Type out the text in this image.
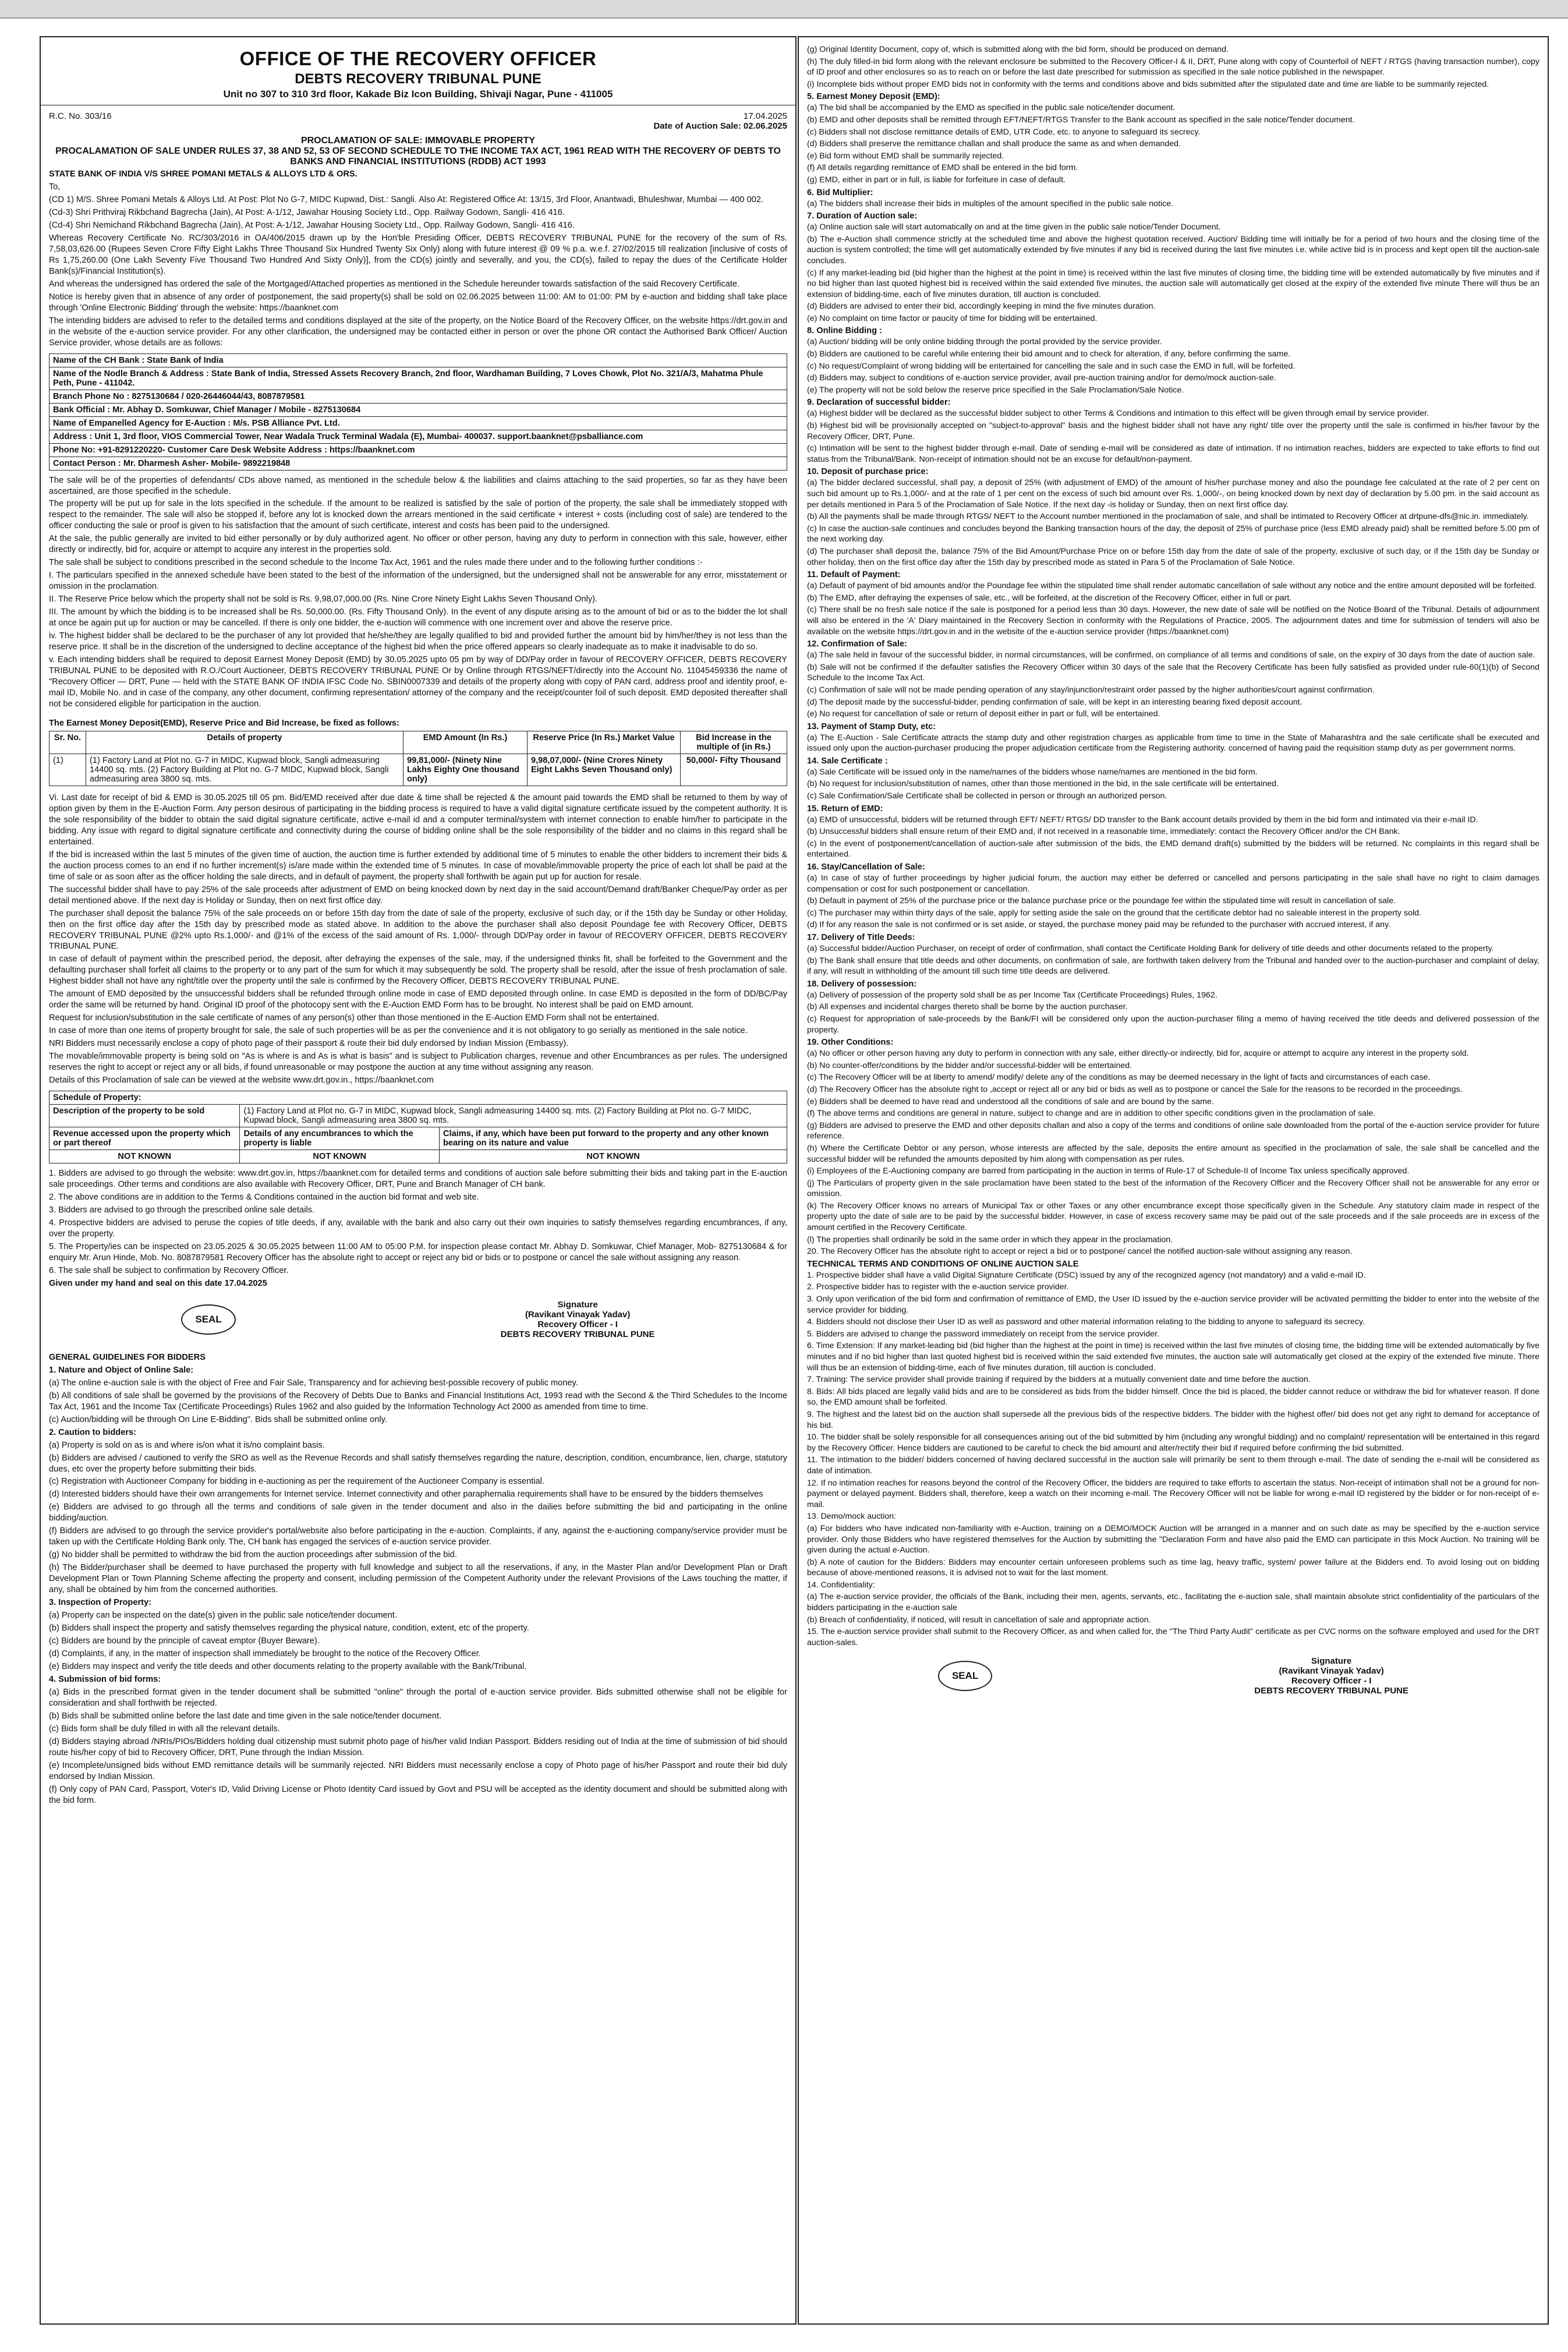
OFFICE OF THE RECOVERY OFFICER
DEBTS RECOVERY TRIBUNAL PUNE
Unit no 307 to 310 3rd floor, Kakade Biz Icon Building, Shivaji Nagar, Pune - 411005
R.C. No. 303/16	17.04.2025
Date of Auction Sale: 02.06.2025
PROCLAMATION OF SALE: IMMOVABLE PROPERTY
PROCALAMATION OF SALE UNDER RULES 37, 38 AND 52, 53 OF SECOND SCHEDULE TO THE INCOME TAX ACT, 1961 READ WITH THE RECOVERY OF DEBTS TO BANKS AND FINANCIAL INSTITUTIONS (RDDB) ACT 1993

STATE BANK OF INDIA V/S SHREE POMANI METALS & ALLOYS LTD & ORS.

To,

(CD 1) M/S. Shree Pomani Metals & Alloys Ltd. At Post: Plot No G-7, MIDC Kupwad, Dist.: Sangli. Also At: Registered Office At: 13/15, 3rd Floor, Anantwadi, Bhuleshwar, Mumbai — 400 002.

(Cd-3) Shri Prithviraj Rikbchand Bagrecha (Jain), At Post: A-1/12, Jawahar Housing Society Ltd., Opp. Railway Godown, Sangli- 416 416.

(Cd-4) Shri Nemichand Rikbchand Bagrecha (Jain), At Post: A-1/12, Jawahar Housing Society Ltd., Opp. Railway Godown, Sangli- 416 416.

Whereas Recovery Certificate No. RC/303/2016 in OA/406/2015 drawn up by the Hon'ble Presiding Officer, DEBTS RECOVERY TRIBUNAL PUNE for the recovery of the sum of Rs. 7,58,03,626.00 (Rupees Seven Crore Fifty Eight Lakhs Three Thousand Six Hundred Twenty Six Only) along with future interest @ 09 % p.a. w.e.f. 27/02/2015 till realization [inclusive of costs of Rs 1,75,260.00 (One Lakh Seventy Five Thousand Two Hundred And Sixty Only)], from the CD(s) jointly and severally, and you, the CD(s), failed to repay the dues of the Certificate Holder Bank(s)/Financial Institution(s).

And whereas the undersigned has ordered the sale of the Mortgaged/Attached properties as mentioned in the Schedule hereunder towards satisfaction of the said Recovery Certificate.

Notice is hereby given that in absence of any order of postponement, the said property(s) shall be sold on 02.06.2025 between 11:00: AM to 01:00: PM by e-auction and bidding shall take place through 'Online Electronic Bidding' through the website: https://baanknet.com

The intending bidders are advised to refer to the detailed terms and conditions displayed at the site of the property, on the Notice Board of the Recovery Officer, on the website https://drt.gov.in and in the website of the e-auction service provider. For any other clarification, the undersigned may be contacted either in person or over the phone OR contact the Authorised Bank Officer/ Auction Service provider, whose details are as follows:

Name of the CH Bank : State Bank of India
Name of the Nodle Branch & Address : State Bank of India, Stressed Assets Recovery Branch, 2nd floor, Wardhaman Building, 7 Loves Chowk, Plot No. 321/A/3, Mahatma Phule Peth, Pune - 411042.
Branch Phone No : 8275130684 / 020-26446044/43, 8087879581
Bank Official : Mr. Abhay D. Somkuwar, Chief Manager / Mobile - 8275130684
Name of Empanelled Agency for E-Auction : M/s. PSB Alliance Pvt. Ltd.
Address : Unit 1, 3rd floor, VIOS Commercial Tower, Near Wadala Truck Terminal Wadala (E), Mumbai- 400037. support.baanknet@psballiance.com
Phone No: +91-8291220220- Customer Care Desk Website Address : https://baanknet.com
Contact Person : Mr. Dharmesh Asher- Mobile- 9892219848

The sale will be of the properties of defendants/ CDs above named, as mentioned in the schedule below & the liabilities and claims attaching to the said properties, so far as they have been ascertained, are those specified in the schedule.

The property will be put up for sale in the lots specified in the schedule. If the amount to be realized is satisfied by the sale of portion of the property, the sale shall be immediately stopped with respect to the remainder. The sale will also be stopped if, before any lot is knocked down the arrears mentioned in the said certificate + interest + costs (including cost of sale) are tendered to the officer conducting the sale or proof is given to his satisfaction that the amount of such certificate, interest and costs has been paid to the undersigned.

At the sale, the public generally are invited to bid either personally or by duly authorized agent. No officer or other person, having any duty to perform in connection with this sale, however, either directly or indirectly, bid for, acquire or attempt to acquire any interest in the properties sold.

The sale shall be subject to conditions prescribed in the second schedule to the Income Tax Act, 1961 and the rules made there under and to the following further conditions :-

I. The particulars specified in the annexed schedule have been stated to the best of the information of the undersigned, but the undersigned shall not be answerable for any error, misstatement or omission in the proclamation.

II. The Reserve Price below which the property shall not be sold is Rs. 9,98,07,000.00 (Rs. Nine Crore Ninety Eight Lakhs Seven Thousand Only).

III. The amount by which the bidding is to be increased shall be Rs. 50,000.00. (Rs. Fifty Thousand Only). In the event of any dispute arising as to the amount of bid or as to the bidder the lot shall at once be again put up for auction or may be cancelled. If there is only one bidder, the e-auction will commence with one increment over and above the reserve price.

iv. The highest bidder shall be declared to be the purchaser of any lot provided that he/she/they are legally qualified to bid and provided further the amount bid by him/her/they is not less than the reserve price. It shall be in the discretion of the undersigned to decline acceptance of the highest bid when the price offered appears so clearly inadequate as to make it inadvisable to do so.

v. Each intending bidders shall be required to deposit Earnest Money Deposit (EMD) by 30.05.2025 upto 05 pm by way of DD/Pay order in favour of RECOVERY OFFICER, DEBTS RECOVERY TRIBUNAL PUNE to be deposited with R.O./Court Auctioneer, DEBTS RECOVERY TRIBUNAL PUNE Or by Online through RTGS/NEFT/directly into the Account No. 11045459336 the name of "Recovery Officer — DRT, Pune — held with the STATE BANK OF INDIA IFSC Code No. SBIN0007339 and details of the property along with copy of PAN card, address proof and identity proof, e-mail ID, Mobile No. and in case of the company, any other document, confirming representation/ attorney of the company and the receipt/counter foil of such deposit. EMD deposited thereafter shall not be considered eligible for participation in the auction.

The Earnest Money Deposit(EMD), Reserve Price and Bid Increase, be fixed as follows:

Sr. No.	Details of property	EMD Amount (In Rs.)	Reserve Price (In Rs.) Market Value	Bid Increase in the multiple of (in Rs.)
(1)	(1) Factory Land at Plot no. G-7 in MIDC, Kupwad block, Sangli admeasuring 14400 sq. mts. (2) Factory Building at Plot no. G-7 MIDC, Kupwad block, Sangli admeasuring area 3800 sq. mts.	99,81,000/- (Ninety Nine Lakhs Eighty One thousand only)	9,98,07,000/- (Nine Crores Ninety Eight Lakhs Seven Thousand only)	50,000/- Fifty Thousand

Vi. Last date for receipt of bid & EMD is 30.05.2025 till 05 pm. Bid/EMD received after due date & time shall be rejected & the amount paid towards the EMD shall be returned to them by way of option given by them in the E-Auction Form. Any person desirous of participating in the bidding process is required to have a valid digital signature certificate issued by the competent authority. It is the sole responsibility of the bidder to obtain the said digital signature certificate, active e-mail id and a computer terminal/system with internet connection to enable him/her to participate in the bidding. Any issue with regard to digital signature certificate and connectivity during the course of bidding online shall be the sole responsibility of the bidder and no claims in this regard shall be entertained.

If the bid is increased within the last 5 minutes of the given time of auction, the auction time is further extended by additional time of 5 minutes to enable the other bidders to increment their bids & the auction process comes to an end if no further increment(s) is/are made within the extended time of 5 minutes. In case of movable/immovable property the price of each lot shall be paid at the time of sale or as soon after as the officer holding the sale directs, and in default of payment, the property shall forthwith be again put up for auction for resale.

The successful bidder shall have to pay 25% of the sale proceeds after adjustment of EMD on being knocked down by next day in the said account/Demand draft/Banker Cheque/Pay order as per detail mentioned above. If the next day is Holiday or Sunday, then on next first office day.

The purchaser shall deposit the balance 75% of the sale proceeds on or before 15th day from the date of sale of the property, exclusive of such day, or if the 15th day be Sunday or other Holiday, then on the first office day after the 15th day by prescribed mode as stated above. In addition to the above the purchaser shall also deposit Poundage fee with Recovery Officer, DEBTS RECOVERY TRIBUNAL PUNE @2% upto Rs.1,000/- and @1% of the excess of the said amount of Rs. 1,000/- through DD/Pay order in favour of RECOVERY OFFICER, DEBTS RECOVERY TRIBUNAL PUNE.

In case of default of payment within the prescribed period, the deposit, after defraying the expenses of the sale, may, if the undersigned thinks fit, shall be forfeited to the Government and the defaulting purchaser shall forfeit all claims to the property or to any part of the sum for which it may subsequently be sold. The property shall be resold, after the issue of fresh proclamation of sale. Highest bidder shall not have any right/title over the property until the sale is confirmed by the Recovery Officer, DEBTS RECOVERY TRIBUNAL PUNE.

The amount of EMD deposited by the unsuccessful bidders shall be refunded through online mode in case of EMD deposited through online. In case EMD is deposited in the form of DD/BC/Pay order the same will be returned by hand. Original ID proof of the photocopy sent with the E-Auction EMD Form has to be brought. No interest shall be paid on EMD amount.

Request for inclusion/substitution in the sale certificate of names of any person(s) other than those mentioned in the E-Auction EMD Form shall not be entertained.

In case of more than one items of property brought for sale, the sale of such properties will be as per the convenience and it is not obligatory to go serially as mentioned in the sale notice.

NRI Bidders must necessarily enclose a copy of photo page of their passport & route their bid duly endorsed by Indian Mission (Embassy).

The movable/immovable property is being sold on "As is where is and As is what is basis" and is subject to Publication charges, revenue and other Encumbrances as per rules. The undersigned reserves the right to accept or reject any or all bids, if found unreasonable or may postpone the auction at any time without assigning any reason.

Details of this Proclamation of sale can be viewed at the website www.drt.gov.in., https://baanknet.com

Schedule of Property:		
Description of the property to be sold	(1) Factory Land at Plot no. G-7 in MIDC, Kupwad block, Sangli admeasuring 14400 sq. mts. (2) Factory Building at Plot no. G-7 MIDC, Kupwad block, Sangli admeasuring area 3800 sq. mts.	
Revenue accessed upon the property which or part thereof	Details of any encumbrances to which the property is liable	Claims, if any, which have been put forward to the property and any other known bearing on its nature and value
NOT KNOWN	NOT KNOWN	NOT KNOWN

1. Bidders are advised to go through the website: www.drt.gov.in, https://baanknet.com for detailed terms and conditions of auction sale before submitting their bids and taking part in the E-auction sale proceedings. Other terms and conditions are also available with Recovery Officer, DRT, Pune and Branch Manager of CH bank.

2. The above conditions are in addition to the Terms & Conditions contained in the auction bid format and web site.

3. Bidders are advised to go through the prescribed online sale details.

4. Prospective bidders are advised to peruse the copies of title deeds, if any, available with the bank and also carry out their own inquiries to satisfy themselves regarding encumbrances, if any, over the property.

5. The Property/ies can be inspected on 23.05.2025 & 30.05.2025 between 11:00 AM to 05:00 P.M. for inspection please contact Mr. Abhay D. Somkuwar, Chief Manager, Mob- 8275130684 & for enquiry Mr. Arun Hinde, Mob. No. 8087879581 Recovery Officer has the absolute right to accept or reject any bid or bids or to postpone or cancel the sale without assigning any reason.

6. The sale shall be subject to confirmation by Recovery Officer.

Given under my hand and seal on this date 17.04.2025

SEAL
Signature
(Ravikant Vinayak Yadav)
Recovery Officer - I
DEBTS RECOVERY TRIBUNAL PUNE

GENERAL GUIDELINES FOR BIDDERS

1. Nature and Object of Online Sale:

(a) The online e-auction sale is with the object of Free and Fair Sale, Transparency and for achieving best-possible recovery of public money.

(b) All conditions of sale shall be governed by the provisions of the Recovery of Debts Due to Banks and Financial Institutions Act, 1993 read with the Second & the Third Schedules to the Income Tax Act, 1961 and the Income Tax (Certificate Proceedings) Rules 1962 and also guided by the Information Technology Act 2000 as amended from time to time.

(c) Auction/bidding will be through On Line E-Bidding". Bids shall be submitted online only.

2. Caution to bidders:

(a) Property is sold on as is and where is/on what it is/no complaint basis.

(b) Bidders are advised / cautioned to verify the SRO as well as the Revenue Records and shall satisfy themselves regarding the nature, description, condition, encumbrance, lien, charge, statutory dues, etc over the property before submitting their bids.

(c) Registration with Auctioneer Company for bidding in e-auctioning as per the requirement of the Auctioneer Company is essential.

(d) Interested bidders should have their own arrangements for Internet service. Internet connectivity and other paraphernalia requirements shall have to be ensured by the bidders themselves

(e) Bidders are advised to go through all the terms and conditions of sale given in the tender document and also in the dailies before submitting the bid and participating in the online bidding/auction.

(f) Bidders are advised to go through the service provider's portal/website also before participating in the e-auction. Complaints, if any, against the e-auctioning company/service provider must be taken up with the Certificate Holding Bank only. The, CH bank has engaged the services of e-auction service provider.

(g) No bidder shall be permitted to withdraw the bid from the auction proceedings after submission of the bid.

(h) The Bidder/purchaser shall be deemed to have purchased the property with full knowledge and subject to all the reservations, if any, in the Master Plan and/or Development Plan or Draft Development Plan or Town Planning Scheme affecting the property and consent, including permission of the Competent Authority under the relevant Provisions of the Laws touching the matter, if any, shall be obtained by him from the concerned authorities.

3. Inspection of Property:

(a) Property can be inspected on the date(s) given in the public sale notice/tender document.

(b) Bidders shall inspect the property and satisfy themselves regarding the physical nature, condition, extent, etc of the property.

(c) Bidders are bound by the principle of caveat emptor (Buyer Beware).

(d) Complaints, if any, in the matter of inspection shall immediately be brought to the notice of the Recovery Officer.

(e) Bidders may inspect and verify the title deeds and other documents relating to the property available with the Bank/Tribunal.

4. Submission of bid forms:

(a) Bids in the prescribed format given in the tender document shall be submitted "online" through the portal of e-auction service provider. Bids submitted otherwise shall not be eligible for consideration and shall forthwith be rejected.

(b) Bids shall be submitted online before the last date and time given in the sale notice/tender document.

(c) Bids form shall be duly filled in with all the relevant details.

(d) Bidders staying abroad /NRIs/PIOs/Bidders holding dual citizenship must submit photo page of his/her valid Indian Passport. Bidders residing out of India at the time of submission of bid should route his/her copy of bid to Recovery Officer, DRT, Pune through the Indian Mission.

(e) Incomplete/unsigned bids without EMD remittance details will be summarily rejected. NRI Bidders must necessarily enclose a copy of Photo page of his/her Passport and route their bid duly endorsed by Indian Mission.

(f) Only copy of PAN Card, Passport, Voter's ID, Valid Driving License or Photo Identity Card issued by Govt and PSU will be accepted as the identity document and should be submitted along with the bid form.

(g) Original Identity Document, copy of, which is submitted along with the bid form, should be produced on demand.
(h) The duly filled-in bid form along with the relevant enclosure be submitted to the Recovery Officer-I & II, DRT, Pune along with copy of Counterfoil of NEFT / RTGS (having transaction number), copy of ID proof and other enclosures so as to reach on or before the last date prescribed for submission as specified in the sale notice published in the newspaper.
(i) Incomplete bids without proper EMD bids not in conformity with the terms and conditions above and bids submitted after the stipulated date and time are liable to be summarily rejected.
5. Earnest Money Deposit (EMD):
(a) The bid shall be accompanied by the EMD as specified in the public sale notice/tender document.
(b) EMD and other deposits shall be remitted through EFT/NEFT/RTGS Transfer to the Bank account as specified in the sale notice/Tender document.
(c) Bidders shall not disclose remittance details of EMD, UTR Code, etc. to anyone to safeguard its secrecy.
(d) Bidders shall preserve the remittance challan and shall produce the same as and when demanded.
(e) Bid form without EMD shall be summarily rejected.
(f) All details regarding remittance of EMD shall be entered in the bid form.
(g) EMD, either in part or in full, is liable for forfeiture in case of default.
6. Bid Multiplier:
(a) The bidders shall increase their bids in multiples of the amount specified in the public sale notice.
7. Duration of Auction sale:
(a) Online auction sale will start automatically on and at the time given in the public sale notice/Tender Document.
(b) The e-Auction shall commence strictly at the scheduled time and above the highest quotation received. Auction/ Bidding time will initially be for a period of two hours and the closing time of the auction is system controlled; the time will get automatically extended by five minutes if any bid is received during the last five minutes i.e. while active bid is in process and kept open till the auction-sale concludes.
(c) If any market-leading bid (bid higher than the highest at the point in time) is received within the last five minutes of closing time, the bidding time will be extended automatically by five minutes and if no bid higher than last quoted highest bid is received within the said extended five minutes, the auction sale will automatically get closed at the expiry of the extended five minute There will thus be an extension of bidding-time, each of five minutes duration, till auction is concluded.
(d) Bidders are advised to enter their bid, accordingly keeping in mind the five minutes duration.
(e) No complaint on time factor or paucity of time for bidding will be entertained.
8. Online Bidding :
(a) Auction/ bidding will be only online bidding through the portal provided by the service provider.
(b) Bidders are cautioned to be careful while entering their bid amount and to check for alteration, if any, before confirming the same.
(c) No request/Complaint of wrong bidding will be entertained for cancelling the sale and in such case the EMD in full, will be forfeited.
(d) Bidders may, subject to conditions of e-auction service provider, avail pre-auction training and/or for demo/mock auction-sale.
(e) The property will not be sold below the reserve price specified in the Sale Proclamation/Sale Notice.
9. Declaration of successful bidder:
(a) Highest bidder will be declared as the successful bidder subject to other Terms & Conditions and intimation to this effect will be given through email by service provider.
(b) Highest bid will be provisionally accepted on "subject-to-approval" basis and the highest bidder shall not have any right/ title over the property until the sale is confirmed in his/her favour by the Recovery Officer, DRT, Pune.
(c) Intimation will be sent to the highest bidder through e-mail. Date of sending e-mail will be considered as date of intimation. If no intimation reaches, bidders are expected to take efforts to find out status from the Tribunal/Bank. Non-receipt of intimation should not be an excuse for default/non-payment.
10. Deposit of purchase price:
(a) The bidder declared successful, shall pay, a deposit of 25% (with adjustment of EMD) of the amount of his/her purchase money and also the poundage fee calculated at the rate of 2 per cent on such bid amount up to Rs.1,000/- and at the rate of 1 per cent on the excess of such bid amount over Rs. 1,000/-, on being knocked down by next day of declaration by 5.00 pm. in the said account as per details mentioned in Para 5 of the Proclamation of Sale Notice. If the next day -is holiday or Sunday, then on next first office day.
(b) All the payments shall be made through RTGS/ NEFT to the Account number mentioned in the proclamation of sale, and shall be intimated to Recovery Officer at drtpune-dfs@nic.in. immediately.
(c) In case the auction-sale continues and concludes beyond the Banking transaction hours of the day, the deposit of 25% of purchase price (less EMD already paid) shall be remitted before 5.00 pm of the next working day.
(d) The purchaser shall deposit the, balance 75% of the Bid Amount/Purchase Price on or before 15th day from the date of sale of the property, exclusive of such day, or if the 15th day be Sunday or other holiday, then on the first office day after the 15th day by prescribed mode as stated in Para 5 of the Proclamation of Sale Notice.
11. Default of Payment:
(a) Default of payment of bid amounts and/or the Poundage fee within the stipulated time shall render automatic cancellation of sale without any notice and the entire amount deposited will be forfeited.
(b) The EMD, after defraying the expenses of sale, etc., will be forfeited, at the discretion of the Recovery Officer, either in full or part.
(c) There shall be no fresh sale notice if the sale is postponed for a period less than 30 days. However, the new date of sale will be notified on the Notice Board of the Tribunal. Details of adjournment will also be entered in the 'A' Diary maintained in the Recovery Section in conformity with the Regulations of Practice, 2005. The adjournment dates and time for submission of tenders will also be available on the website https://drt.gov.in and in the website of the e-auction service provider (https://baanknet.com)
12. Confirmation of Sale:
(a) The sale held in favour of the successful bidder, in normal circumstances, will be confirmed, on compliance of all terms and conditions of sale, on the expiry of 30 days from the date of auction sale.
(b) Sale will not be confirmed if the defaulter satisfies the Recovery Officer within 30 days of the sale that the Recovery Certificate has been fully satisfied as provided under rule-60(1)(b) of Second Schedule to the Income Tax Act.
(c) Confirmation of sale will not be made pending operation of any stay/injunction/restraint order passed by the higher authorities/court against confirmation.
(d) The deposit made by the successful-bidder, pending confirmation of sale, will be kept in an interesting bearing fixed deposit account.
(e) No request for cancellation of sale or return of deposit either in part or full, will be entertained.
13. Payment of Stamp Duty, etc:
(a) The E-Auction - Sale Certificate attracts the stamp duty and other registration charges as applicable from time to time in the State of Maharashtra and the sale certificate shall be executed and issued only upon the auction-purchaser producing the proper adjudication certificate from the Registering authority. concerned of having paid the requisition stamp duty as per government norms.
14. Sale Certificate :
(a) Sale Certificate will be issued only in the name/names of the bidders whose name/names are mentioned in the bid form.
(b) No request for inclusion/substitution of names, other than those mentioned in the bid, in the sale certificate will be entertained.
(c) Sale Confirmation/Sale Certificate shall be collected in person or through an authorized person.
15. Return of EMD:
(a) EMD of unsuccessful, bidders will be returned through EFT/ NEFT/ RTGS/ DD transfer to the Bank account details provided by them in the bid form and intimated via their e-mail ID.
(b) Unsuccessful bidders shall ensure return of their EMD and, if not received in a reasonable time, immediately: contact the Recovery Officer and/or the CH Bank.
(c) In the event of postponement/cancellation of auction-sale after submission of the bids, the EMD demand draft(s) submitted by the bidders will be returned. Nc complaints in this regard shall be entertained.
16. Stay/Cancellation of Sale:
(a) In case of stay of further proceedings by higher judicial forum, the auction may either be deferred or cancelled and persons participating in the sale shall have no right to claim damages compensation or cost for such postponement or cancellation.
(b) Default in payment of 25% of the purchase price or the balance purchase price or the poundage fee within the stipulated time will result in cancellation of sale.
(c) The purchaser may within thirty days of the sale, apply for setting aside the sale on the ground that the certificate debtor had no saleable interest in the property sold.
(d) If for any reason the sale is not confirmed or is set aside, or stayed, the purchase money paid may be refunded to the purchaser with accrued interest, if any.
17. Delivery of Title Deeds:
(a) Successful bidder/Auction Purchaser, on receipt of order of confirmation, shall contact the Certificate Holding Bank for delivery of title deeds and other documents related to the property.
(b) The Bank shall ensure that title deeds and other documents, on confirmation of sale, are forthwith taken delivery from the Tribunal and handed over to the auction-purchaser and complaint of delay, if any, will result in withholding of the amount till such time title deeds are delivered.
18. Delivery of possession:
(a) Delivery of possession of the property sold shall be as per Income Tax (Certificate Proceedings) Rules, 1962.
(b) All expenses and incidental charges thereto shall be borne by the auction purchaser.
(c) Request for appropriation of sale-proceeds by the Bank/FI will be considered only upon the auction-purchaser filing a memo of having received the title deeds and delivered possession of the property.
19. Other Conditions:
(a) No officer or other person having any duty to perform in connection with any sale, either directly-or indirectly, bid for, acquire or attempt to acquire any interest in the property sold.
(b) No counter-offer/conditions by the bidder and/or successful-bidder will be entertained.
(c) The Recovery Officer will be at liberty to amend/ modify/ delete any of the conditions as may be deemed necessary in the light of facts and circumstances of each case.
(d) The Recovery Officer has the absolute right to ,accept or reject all or any bid or bids as well as to postpone or cancel the Sale for the reasons to be recorded in the proceedings.
(e) Bidders shall be deemed to have read and understood all the conditions of sale and are bound by the same.
(f) The above terms and conditions are general in nature, subject to change and are in addition to other specific conditions given in the proclamation of sale.
(g) Bidders are advised to preserve the EMD and other deposits challan and also a copy of the terms and conditions of online sale downloaded from the portal of the e-auction service provider for future reference.
(h) Where the Certificate Debtor or any person, whose interests are affected by the sale, deposits the entire amount as specified in the proclamation of sale, the sale shall be cancelled and the successful bidder will be refunded the amounts deposited by him along with compensation as per rules.
(i) Employees of the E-Auctioning company are barred from participating in the auction in terms of Rule-17 of Schedule-II of Income Tax unless specifically approved.
(j) The Particulars of property given in the sale proclamation have been stated to the best of the information of the Recovery Officer and the Recovery Officer shall not be answerable for any error or omission.
(k) The Recovery Officer knows no arrears of Municipal Tax or other Taxes or any other encumbrance except those specifically given in the Schedule. Any statutory claim made in respect of the property upto the date of sale are to be paid by the successful bidder. However, in case of excess recovery same may be paid out of the sale proceeds and if the sale proceeds are in excess of the amount certified in the Recovery Certificate.
(l) The properties shall ordinarily be sold in the same order in which they appear in the proclamation.
20. The Recovery Officer has the absolute right to accept or reject a bid or to postpone/ cancel the notified auction-sale without assigning any reason.
TECHNICAL TERMS AND CONDITIONS OF ONLINE AUCTION SALE
1. Prospective bidder shall have a valid Digital Signature Certificate (DSC) issued by any of the recognized agency (not mandatory) and a valid e-mail ID.
2. Prospective bidder has to register with the e-auction service provider.
3. Only upon verification of the bid form and confirmation of remittance of EMD, the User ID issued by the e-auction service provider will be activated permitting the bidder to enter into the website of the service provider for bidding.
4. Bidders should not disclose their User ID as well as password and other material information relating to the bidding to anyone to safeguard its secrecy.
5. Bidders are advised to change the password immediately on receipt from the service provider.
6. Time Extension: If any market-leading bid (bid higher than the highest at the point in time) is received within the last five minutes of closing time, the bidding time will be extended automatically by five minutes and if no bid higher than last quoted highest bid is received within the said extended five minutes, the auction sale will automatically get closed at the expiry of the extended five minute. There will thus be an extension of bidding-time, each of five minutes duration, till auction is concluded.
7. Training: The service provider shall provide training if required by the bidders at a mutually convenient date and time before the auction.
8. Bids: All bids placed are legally valid bids and are to be considered as bids from the bidder himself. Once the bid is placed, the bidder cannot reduce or withdraw the bid for whatever reason. If done so, the EMD amount shall be forfeited.
9. The highest and the latest bid on the auction shall supersede all the previous bids of the respective bidders. The bidder with the highest offer/ bid does not get any right to demand for acceptance of his bid.
10. The bidder shall be solely responsible for all consequences arising out of the bid submitted by him (including any wrongful bidding) and no complaint/ representation will be entertained in this regard by the Recovery Officer. Hence bidders are cautioned to be careful to check the bid amount and alter/rectify their bid if required before confirming the bid submitted.
11. The intimation to the bidder/ bidders concerned of having declared successful in the auction sale will primarily be sent to them through e-mail. The date of sending the e-mail will be considered as date of intimation.
12. If no intimation reaches for reasons beyond the control of the Recovery Officer, the bidders are required to take efforts to ascertain the status. Non-receipt of intimation shall not be a ground for non-payment or delayed payment. Bidders shall, therefore, keep a watch on their incoming e-mail. The Recovery Officer will not be liable for wrong e-mail ID registered by the bidder or for non-receipt of e-mail.
13. Demo/mock auction:
(a) For bidders who have indicated non-familiarity with e-Auction, training on a DEMO/MOCK Auction will be arranged in a manner and on such date as may be specified by the e-auction service provider. Only those Bidders who have registered themselves for the Auction by submitting the "Declaration Form and have also paid the EMD can participate in this Mock Auction. No training will be given during the actual e-Auction.
(b) A note of caution for the Bidders: Bidders may encounter certain unforeseen problems such as time lag, heavy traffic, system/ power failure at the Bidders end. To avoid losing out on bidding because of above-mentioned reasons, it is advised not to wait for the last moment.
14. Confidentiality:
(a) The e-auction service provider, the officials of the Bank, including their men, agents, servants, etc., facilitating the e-auction sale, shall maintain absolute strict confidentiality of the particulars of the bidders participating in the e-auction sale
(b) Breach of confidentiality, if noticed, will result in cancellation of sale and appropriate action.
15. The e-auction service provider shall submit to the Recovery Officer, as and when called for, the "The Third Party Audit" certificate as per CVC norms on the software employed and used for the DRT auction-sales.
SEAL
Signature
(Ravikant Vinayak Yadav)
Recovery Officer - I
DEBTS RECOVERY TRIBUNAL PUNE
